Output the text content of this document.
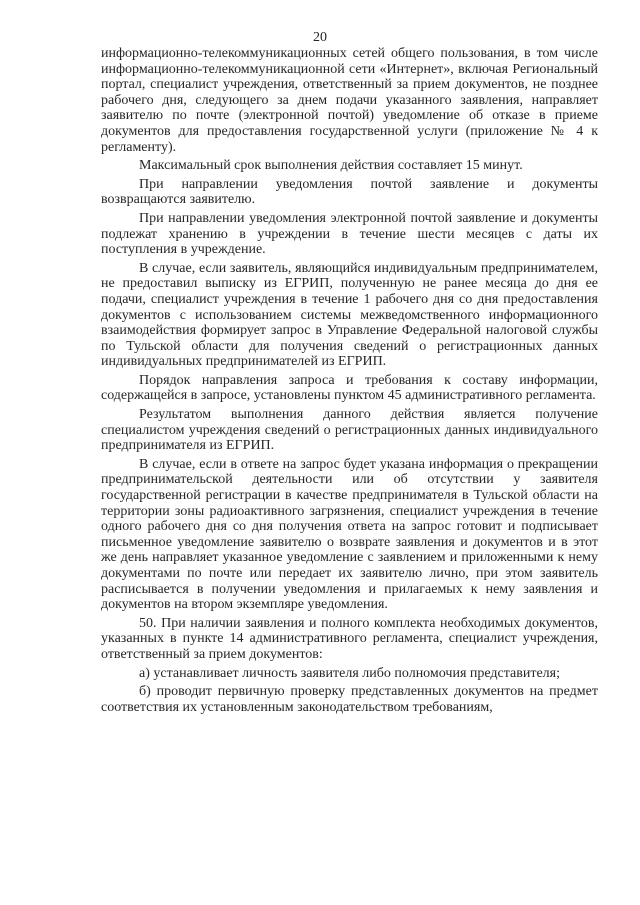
20

информационно-телекоммуникационных сетей общего пользования, в том числе информационно-телекоммуникационной сети «Интернет», включая Региональный портал, специалист учреждения, ответственный за прием документов, не позднее рабочего дня, следующего за днем подачи указанного заявления, направляет заявителю по почте (электронной почтой) уведомление об отказе в приеме документов для предоставления государственной услуги (приложение № 4 к регламенту).

Максимальный срок выполнения действия составляет 15 минут.

При направлении уведомления почтой заявление и документы возвращаются заявителю.

При направлении уведомления электронной почтой заявление и документы подлежат хранению в учреждении в течение шести месяцев с даты их поступления в учреждение.

В случае, если заявитель, являющийся индивидуальным предпринимателем, не предоставил выписку из ЕГРИП, полученную не ранее месяца до дня ее подачи, специалист учреждения в течение 1 рабочего дня со дня предоставления документов с использованием системы межведомственного информационного взаимодействия формирует запрос в Управление Федеральной налоговой службы по Тульской области для получения сведений о регистрационных данных индивидуальных предпринимателей из ЕГРИП.

Порядок направления запроса и требования к составу информации, содержащейся в запросе, установлены пунктом 45 административного регламента.

Результатом выполнения данного действия является получение специалистом учреждения сведений о регистрационных данных индивидуального предпринимателя из ЕГРИП.

В случае, если в ответе на запрос будет указана информация о прекращении предпринимательской деятельности или об отсутствии у заявителя государственной регистрации в качестве предпринимателя в Тульской области на территории зоны радиоактивного загрязнения, специалист учреждения в течение одного рабочего дня со дня получения ответа на запрос готовит и подписывает письменное уведомление заявителю о возврате заявления и документов и в этот же день направляет указанное уведомление с заявлением и приложенными к нему документами по почте или передает их заявителю лично, при этом заявитель расписывается в получении уведомления и прилагаемых к нему заявления и документов на втором экземпляре уведомления.

50. При наличии заявления и полного комплекта необходимых документов, указанных в пункте 14 административного регламента, специалист учреждения, ответственный за прием документов:

а) устанавливает личность заявителя либо полномочия представителя;

б) проводит первичную проверку представленных документов на предмет соответствия их установленным законодательством требованиям,
